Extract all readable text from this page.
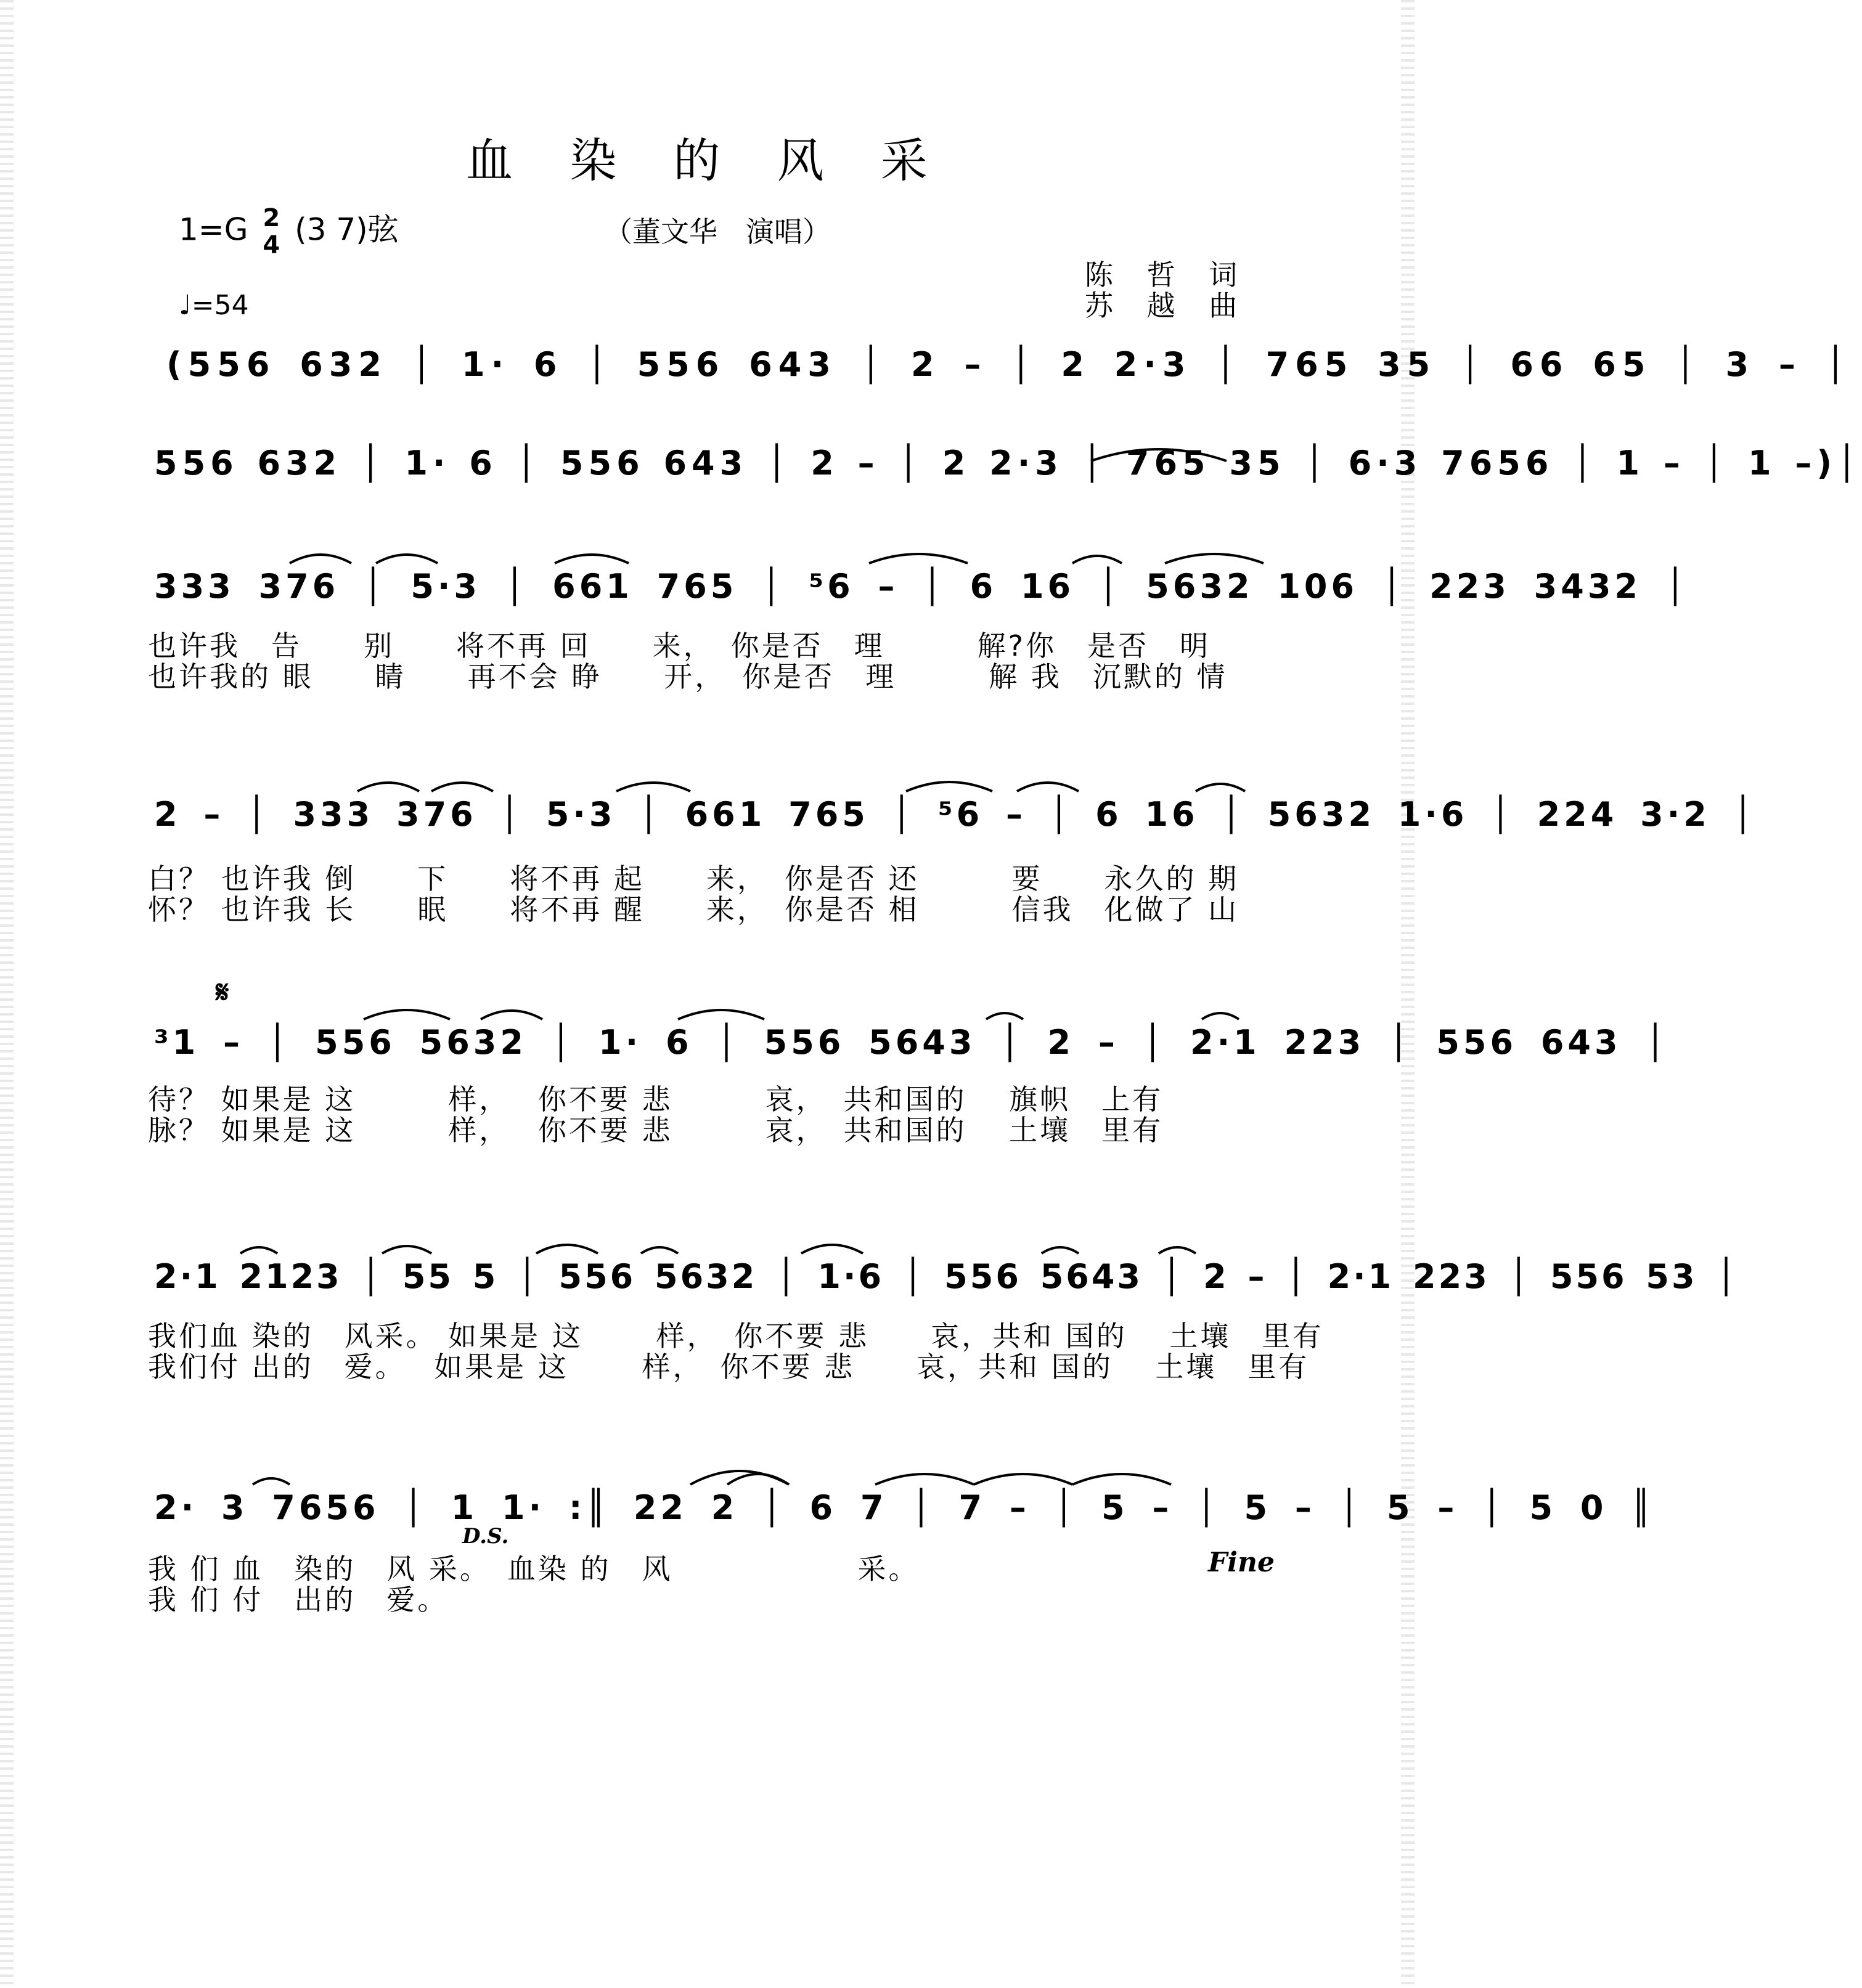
血 染 的 风 采
1=G 2
4 (3 7)弦	（董文华　演唱）
陈 哲 词
苏 越 曲
♩=54
(556 632 │ 1· 6 │ 556 643 │ 2 – │ 2 2·3 │ 765 35 │ 66 65 │ 3 – │
556 632 │ 1· 6 │ 556 643 │ 2 – │ 2 2·3 │ 765 35 │ 6·3 7656 │ 1 – │ 1 –)│
333 376 │ 5·3 │ 661 765 │ ⁵6 – │ 6 16 │ 5632 106 │ 223 3432 │
也许我　告　　别　　将不再 回　　来，　你是否　理　　　解?你　是否　明
也许我的 眼　　睛　　再不会 睁　　开，　你是否　理　　　解 我　沉默的 情
2 – │ 333 376 │ 5·3 │ 661 765 │ ⁵6 – │ 6 16 │ 5632 1·6 │ 224 3·2 │
白？ 也许我 倒　　下　　将不再 起　　来，　你是否 还　　　要　　永久的 期
怀？ 也许我 长　　眠　　将不再 醒　　来，　你是否 相　　　信我　化做了 山
𝄋
³1 – │ 556 5632 │ 1· 6 │ 556 5643 │ 2 – │ 2·1 223 │ 556 643 │
待？ 如果是 这　　　样，　 你不要 悲　　　哀，　共和国的　 旗帜　上有
脉？ 如果是 这　　　样，　 你不要 悲　　　哀，　共和国的　 土壤　里有
2·1 2123 │ 55 5 │ 556 5632 │ 1·6 │ 556 5643 │ 2 – │ 2·1 223 │ 556 53 │
我们血 染的　风采。 如果是 这　　 样，　你不要 悲　　哀，共和 国的　 土壤　里有
我们付 出的　爱。　 如果是 这　　 样，　你不要 悲　　哀，共和 国的　 土壤　里有
2· 3 7656 │ 1 1· :║ 22 2 │ 6 7 │ 7 – │ 5 – │ 5 – │ 5 – │ 5 0 ║
D.S.
Fine
我 们 血　染的　风 采。　血染 的　风　　　　　　采。
我 们 付　出的　爱。
